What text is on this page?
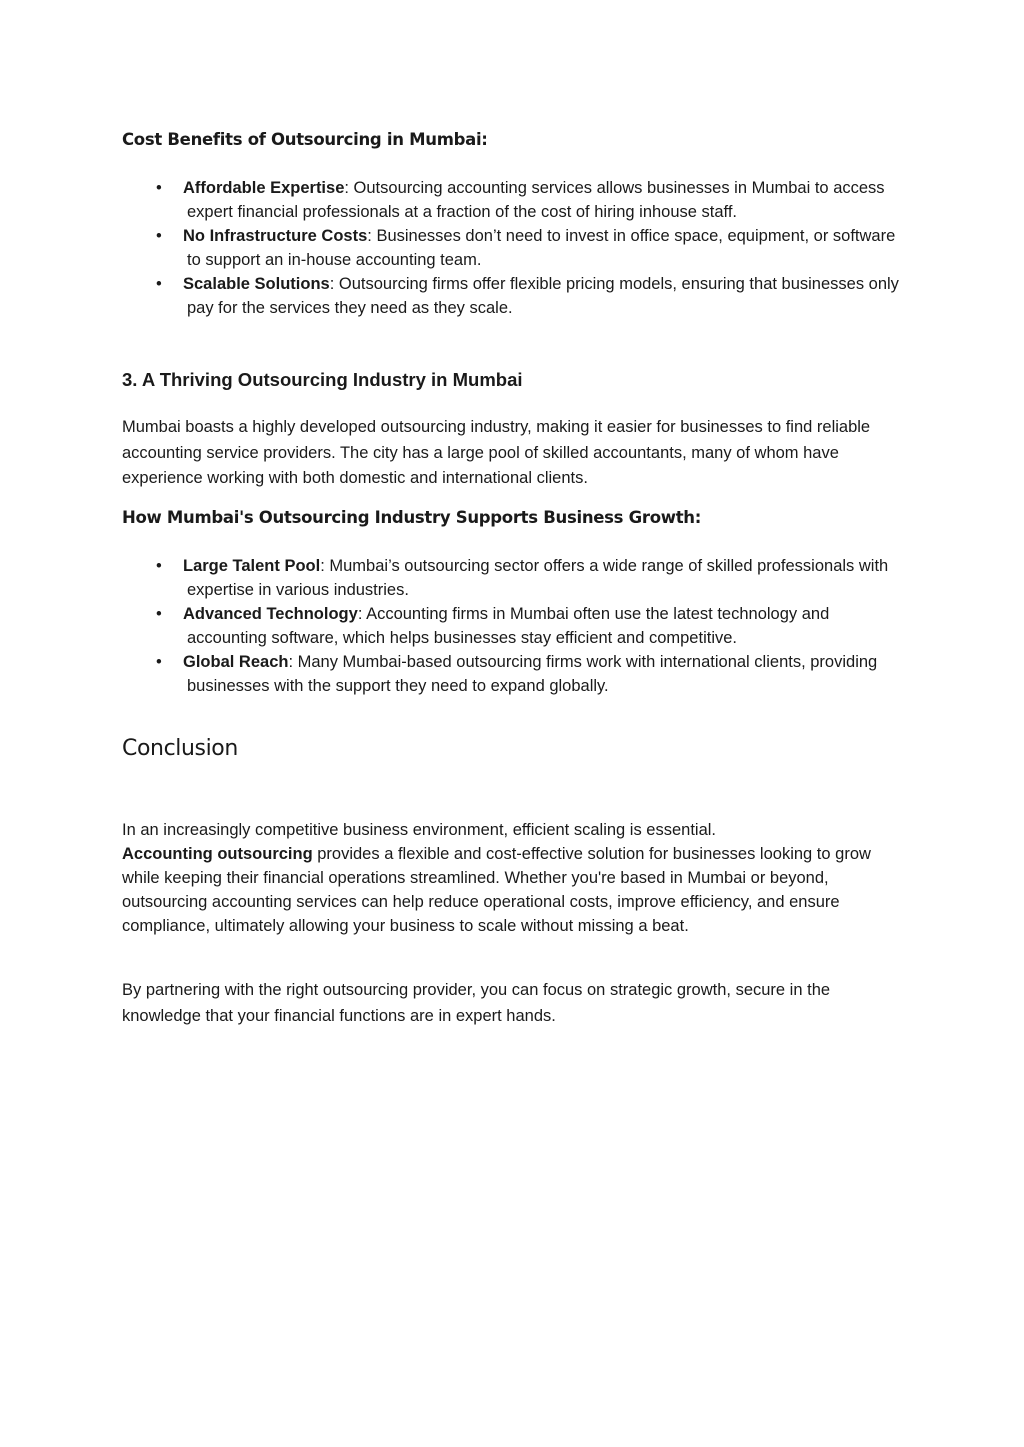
Cost Benefits of Outsourcing in Mumbai:
• Affordable Expertise: Outsourcing accounting services allows businesses in Mumbai to access expert financial professionals at a fraction of the cost of hiring inhouse staff.
• No Infrastructure Costs: Businesses don’t need to invest in office space, equipment, or software to support an in-house accounting team.
• Scalable Solutions: Outsourcing firms offer flexible pricing models, ensuring that businesses only pay for the services they need as they scale.
3. A Thriving Outsourcing Industry in Mumbai

Mumbai boasts a highly developed outsourcing industry, making it easier for businesses to find reliable accounting service providers. The city has a large pool of skilled accountants, many of whom have experience working with both domestic and international clients.

How Mumbai's Outsourcing Industry Supports Business Growth:
• Large Talent Pool: Mumbai’s outsourcing sector offers a wide range of skilled professionals with expertise in various industries.
• Advanced Technology: Accounting firms in Mumbai often use the latest technology and accounting software, which helps businesses stay efficient and competitive.
• Global Reach: Many Mumbai-based outsourcing firms work with international clients, providing businesses with the support they need to expand globally.
Conclusion

In an increasingly competitive business environment, efficient scaling is essential.
Accounting outsourcing provides a flexible and cost-effective solution for businesses looking to grow while keeping their financial operations streamlined. Whether you're based in Mumbai or beyond, outsourcing accounting services can help reduce operational costs, improve efficiency, and ensure compliance, ultimately allowing your business to scale without missing a beat.

By partnering with the right outsourcing provider, you can focus on strategic growth, secure in the knowledge that your financial functions are in expert hands.
